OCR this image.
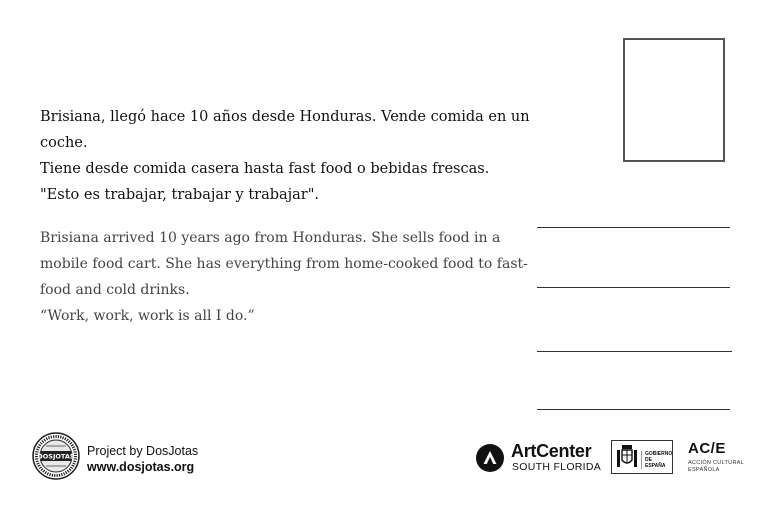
Brisiana, llegó hace 10 años desde Honduras. Vende comida en un coche.

Tiene desde comida casera hasta fast food o bebidas frescas.

"Esto es trabajar, trabajar y trabajar".

Brisiana arrived 10 years ago from Honduras. She sells food in a mobile food cart. She has everything from home-cooked food to fast-food and cold drinks.

“Work, work, work is all I do.”

DOSJOTAS Project by DosJotas
www.dosjotas.org
ArtCenter
SOUTH FLORIDA
GOBIERNO
DE ESPAÑA
AC/E
ACCIÓN CULTURAL
ESPAÑOLA
